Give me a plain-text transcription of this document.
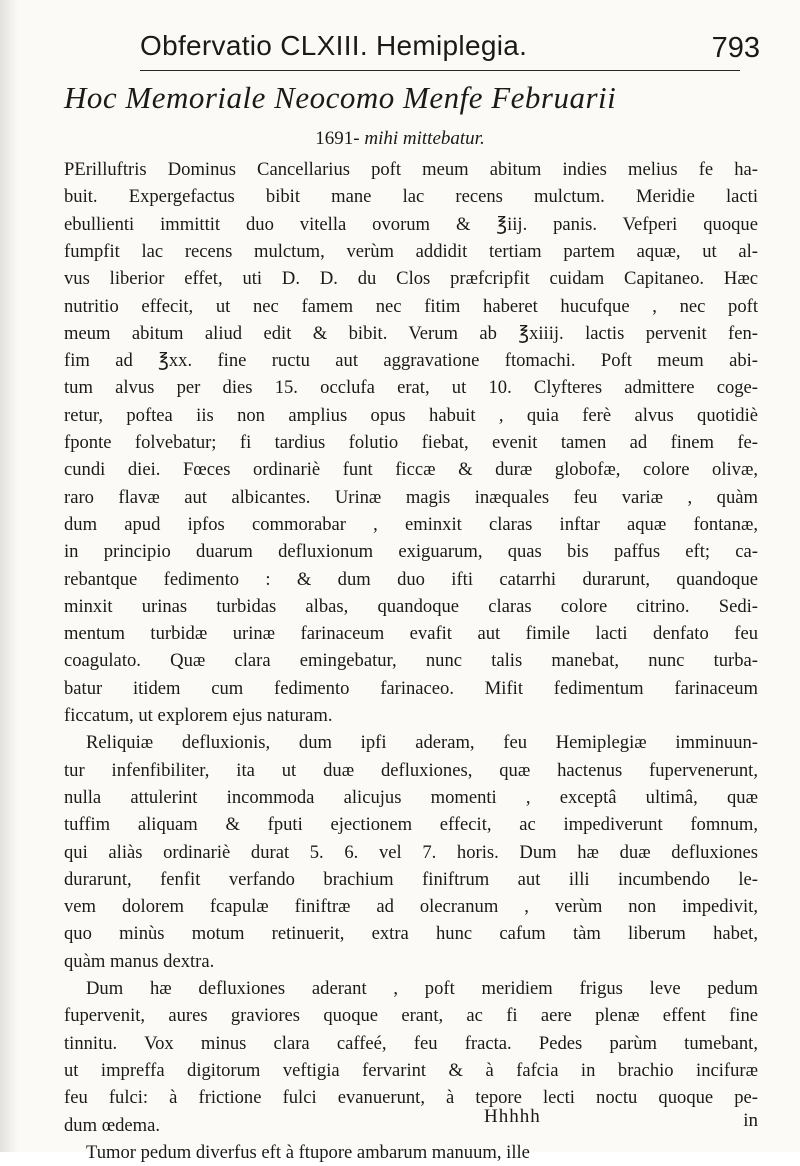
Obfervatio CLXIII. Hemiplegia.	793
Hoc Memoriale Neocomo Menfe Februarii
1691- mihi mittebatur.
PErilluftris Dominus Cancellarius poft meum abitum indies melius fe ha-
buit. Expergefactus bibit mane lac recens mulctum. Meridie lacti
ebullienti immittit duo vitella ovorum & ℥iij. panis. Vefperi quoque
fumpfit lac recens mulctum, verùm addidit tertiam partem aquæ, ut al-
vus liberior effet, uti D. D. du Clos præfcripfit cuidam Capitaneo. Hæc
nutritio effecit, ut nec famem nec fitim haberet hucufque , nec poft
meum abitum aliud edit & bibit. Verum ab ℥xiiij. lactis pervenit fen-
fim ad ℥xx. fine ructu aut aggravatione ftomachi. Poft meum abi-
tum alvus per dies 15. occlufa erat, ut 10. Clyfteres admittere coge-
retur, poftea iis non amplius opus habuit , quia ferè alvus quotidiè
fponte folvebatur; fi tardius folutio fiebat, evenit tamen ad finem fe-
cundi diei. Fœces ordinariè funt ficcæ & duræ globofæ, colore olivæ,
raro flavæ aut albicantes. Urinæ magis inæquales feu variæ , quàm
dum apud ipfos commorabar , eminxit claras inftar aquæ fontanæ,
in principio duarum defluxionum exiguarum, quas bis paffus eft; ca-
rebantque fedimento : & dum duo ifti catarrhi durarunt, quandoque
minxit urinas turbidas albas, quandoque claras colore citrino. Sedi-
mentum turbidæ urinæ farinaceum evafit aut fimile lacti denfato feu
coagulato. Quæ clara emingebatur, nunc talis manebat, nunc turba-
batur itidem cum fedimento farinaceo. Mifit fedimentum farinaceum
ficcatum, ut explorem ejus naturam.
Reliquiæ defluxionis, dum ipfi aderam, feu Hemiplegiæ imminuun-
tur infenfibiliter, ita ut duæ defluxiones, quæ hactenus fupervenerunt,
nulla attulerint incommoda alicujus momenti , exceptâ ultimâ, quæ
tuffim aliquam & fputi ejectionem effecit, ac impediverunt fomnum,
qui aliàs ordinariè durat 5. 6. vel 7. horis. Dum hæ duæ defluxiones
durarunt, fenfit verfando brachium finiftrum aut illi incumbendo le-
vem dolorem fcapulæ finiftræ ad olecranum , verùm non impedivit,
quo minùs motum retinuerit, extra hunc cafum tàm liberum habet,
quàm manus dextra.
Dum hæ defluxiones aderant , poft meridiem frigus leve pedum
fupervenit, aures graviores quoque erant, ac fi aere plenæ effent fine
tinnitu. Vox minus clara caffeé, feu fracta. Pedes parùm tumebant,
ut impreffa digitorum veftigia fervarint & à fafcia in brachio incifuræ
feu fulci: à frictione fulci evanuerunt, à tepore lecti noctu quoque pe-
dum œdema.
Tumor pedum diverfus eft à ftupore ambarum manuum, ille
Hhhhh	in
